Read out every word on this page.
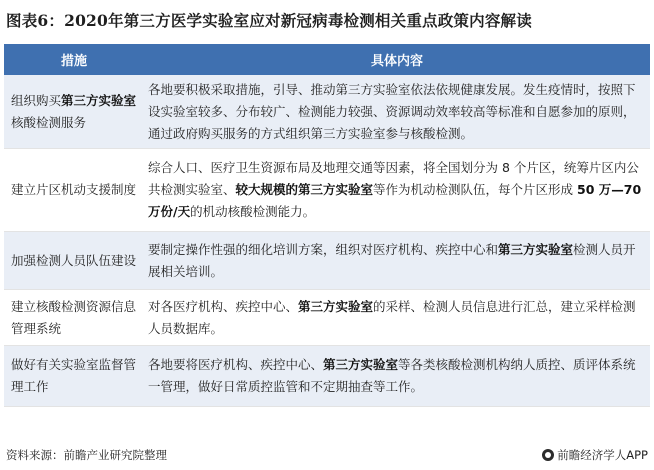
图表6：2020年第三方医学实验室应对新冠病毒检测相关重点政策内容解读
措施	具体内容
组织购买第三方实验室
核酸检测服务
各地要积极采取措施，引导、推动第三方实验室依法依规健康发展。发生疫情时，按照下设实验室较多、分布较广、检测能力较强、资源调动效率较高等标准和自愿参加的原则，通过政府购买服务的方式组织第三方实验室参与核酸检测。
建立片区机动支援制度
综合人口、医疗卫生资源布局及地理交通等因素，将全国划分为 8 个片区，统筹片区内公共检测实验室、较大规模的第三方实验室等作为机动检测队伍，每个片区形成 50 万—70 万份/天的机动核酸检测能力。
加强检测人员队伍建设
要制定操作性强的细化培训方案，组织对医疗机构、疾控中心和第三方实验室检测人员开展相关培训。
建立核酸检测资源信息管理系统
对各医疗机构、疾控中心、第三方实验室的采样、检测人员信息进行汇总，建立采样检测人员数据库。
做好有关实验室监督管理工作
各地要将医疗机构、疾控中心、第三方实验室等各类核酸检测机构纳人质控、质评体系统一管理，做好日常质控监管和不定期抽查等工作。
资料来源：前瞻产业研究院整理	前瞻经济学人APP
